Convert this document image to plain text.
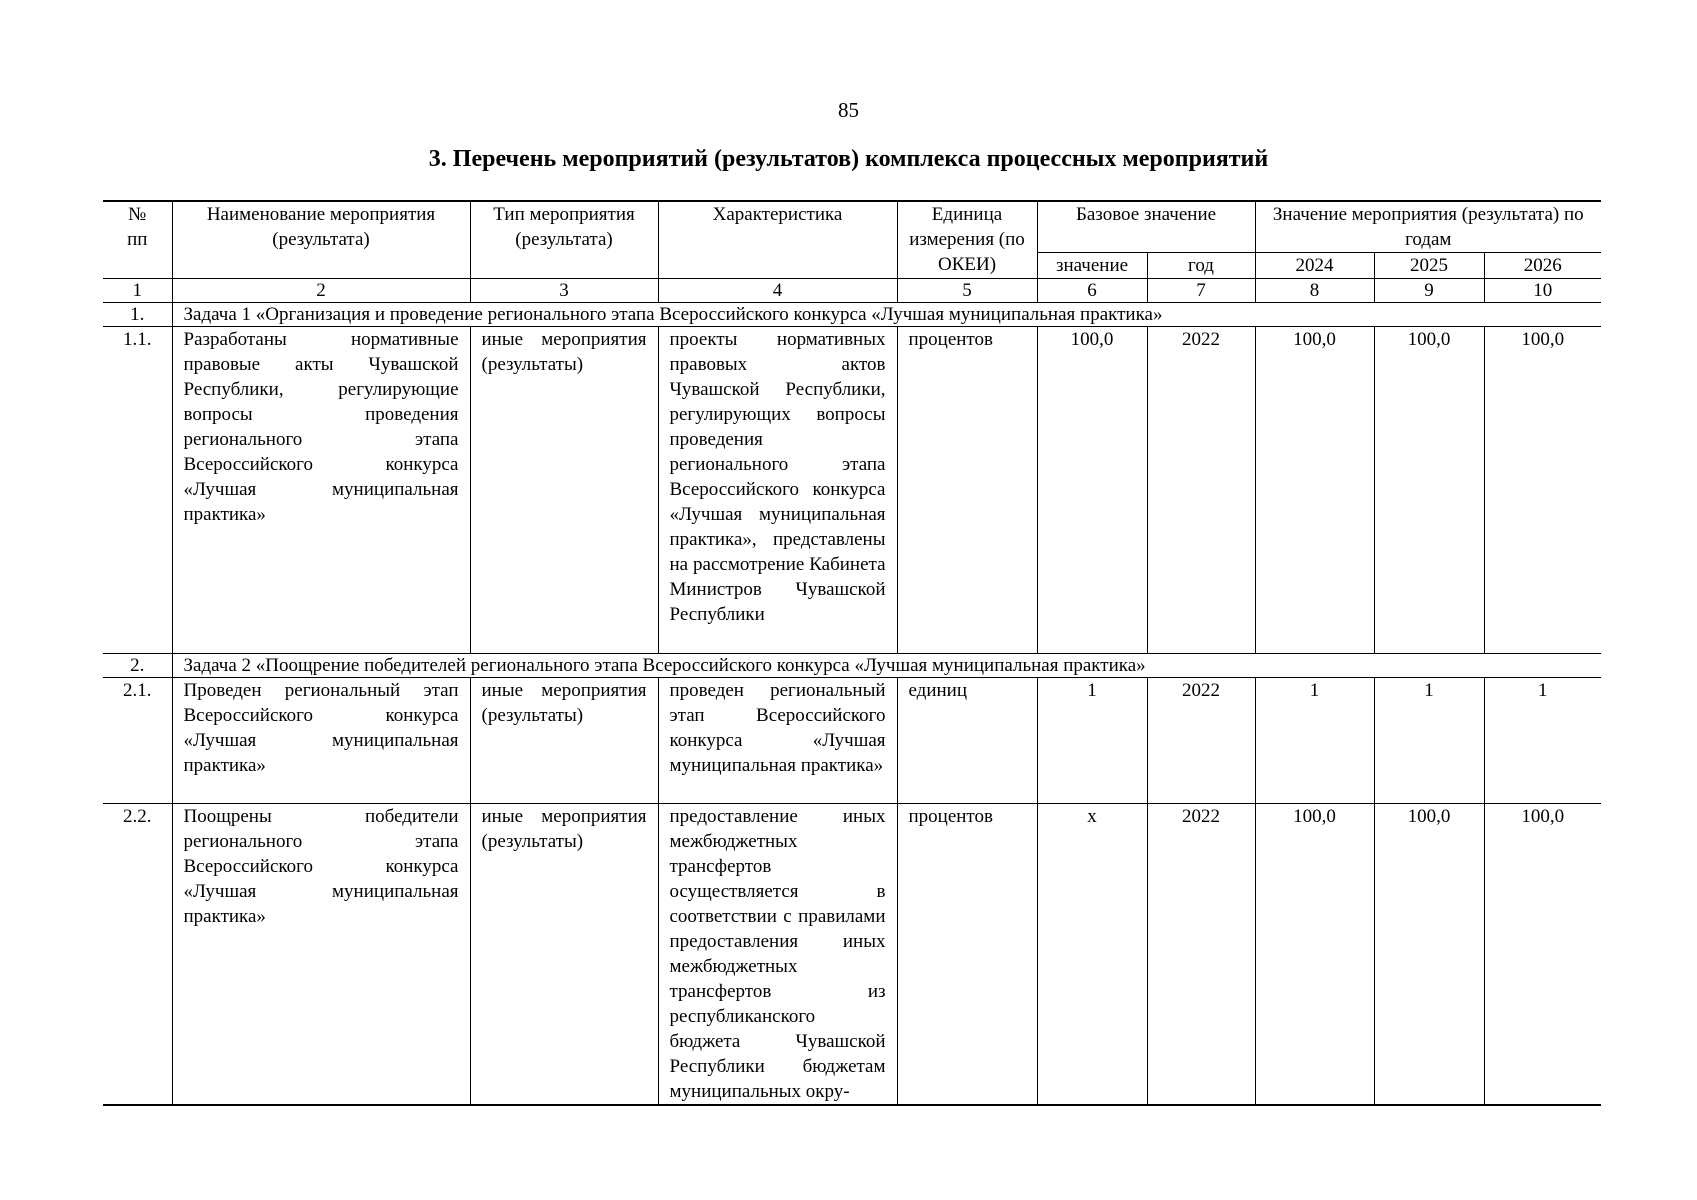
85
3. Перечень мероприятий (результатов) комплекса процессных мероприятий
№
пп	Наименование мероприятия (результата)	Тип мероприятия (результата)	Характеристика	Единица измерения (по ОКЕИ)	Базовое значение		Значение мероприятия (результата) по годам		
					значение	год	2024	2025	2026
1	2	3	4	5	6	7	8	9	10
1.	Задача 1 «Организация и проведение регионального этапа Всероссийского конкурса «Лучшая муниципальная практика»								
1.1.	Разработаны нормативные правовые акты Чувашской Республики, регулирующие вопросы проведения регионального этапа Всероссийского конкурса «Лучшая муниципальная практика»	иные мероприятия (результаты)	проекты нормативных правовых актов Чувашской Республики, регулирующих вопросы проведения регионального этапа Всероссийского конкурса «Лучшая муниципальная практика», представлены на рассмотрение Кабинета Министров Чувашской Республики	процентов	100,0	2022	100,0	100,0	100,0
2.	Задача 2 «Поощрение победителей регионального этапа Всероссийского конкурса «Лучшая муниципальная практика»								
2.1.	Проведен региональный этап Всероссийского конкурса «Лучшая муниципальная практика»	иные мероприятия (результаты)	проведен региональный этап Всероссийского конкурса «Лучшая муниципальная практика»	единиц	1	2022	1	1	1
2.2.	Поощрены победители регионального этапа Всероссийского конкурса «Лучшая муниципальная практика»	иные мероприятия (результаты)	предоставление иных межбюджетных трансфертов осуществляется в соответствии с правилами предоставления иных межбюджетных трансфертов из республиканского бюджета Чувашской Республики бюджетам муниципальных окру-	процентов	х	2022	100,0	100,0	100,0
